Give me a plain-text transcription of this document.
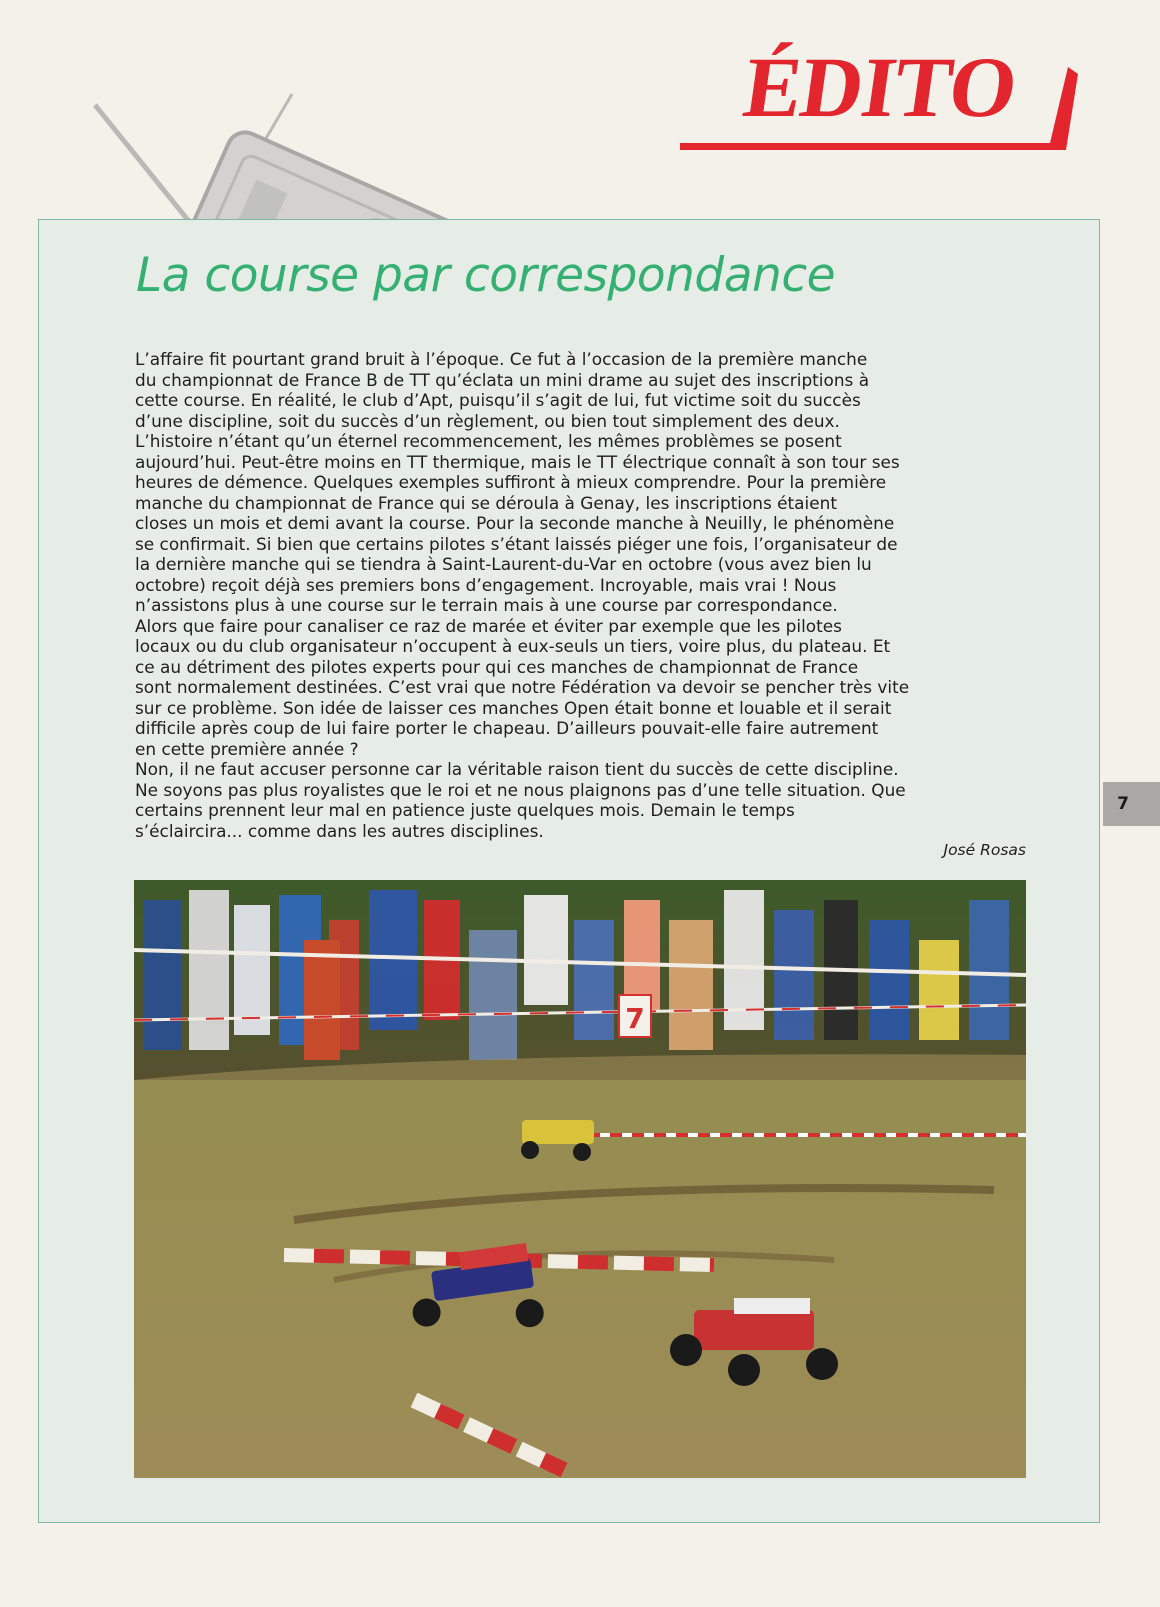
ÉDITO
La course par correspondance
L’affaire fit pourtant grand bruit à l’époque. Ce fut à l’occasion de la première manche
du championnat de France B de TT qu’éclata un mini drame au sujet des inscriptions à
cette course. En réalité, le club d’Apt, puisqu’il s’agit de lui, fut victime soit du succès
d’une discipline, soit du succès d’un règlement, ou bien tout simplement des deux.
L’histoire n’étant qu’un éternel recommencement, les mêmes problèmes se posent
aujourd’hui. Peut-être moins en TT thermique, mais le TT électrique connaît à son tour ses
heures de démence. Quelques exemples suffiront à mieux comprendre. Pour la première
manche du championnat de France qui se déroula à Genay, les inscriptions étaient
closes un mois et demi avant la course. Pour la seconde manche à Neuilly, le phénomène
se confirmait. Si bien que certains pilotes s’étant laissés piéger une fois, l’organisateur de
la dernière manche qui se tiendra à Saint-Laurent-du-Var en octobre (vous avez bien lu
octobre) reçoit déjà ses premiers bons d’engagement. Incroyable, mais vrai ! Nous
n’assistons plus à une course sur le terrain mais à une course par correspondance.
Alors que faire pour canaliser ce raz de marée et éviter par exemple que les pilotes
locaux ou du club organisateur n’occupent à eux-seuls un tiers, voire plus, du plateau. Et
ce au détriment des pilotes experts pour qui ces manches de championnat de France
sont normalement destinées. C’est vrai que notre Fédération va devoir se pencher très vite
sur ce problème. Son idée de laisser ces manches Open était bonne et louable et il serait
difficile après coup de lui faire porter le chapeau. D’ailleurs pouvait-elle faire autrement
en cette première année ?
Non, il ne faut accuser personne car la véritable raison tient du succès de cette discipline.
Ne soyons pas plus royalistes que le roi et ne nous plaignons pas d’une telle situation. Que
certains prennent leur mal en patience juste quelques mois. Demain le temps
s’éclaircira... comme dans les autres disciplines.
José Rosas
7
7
